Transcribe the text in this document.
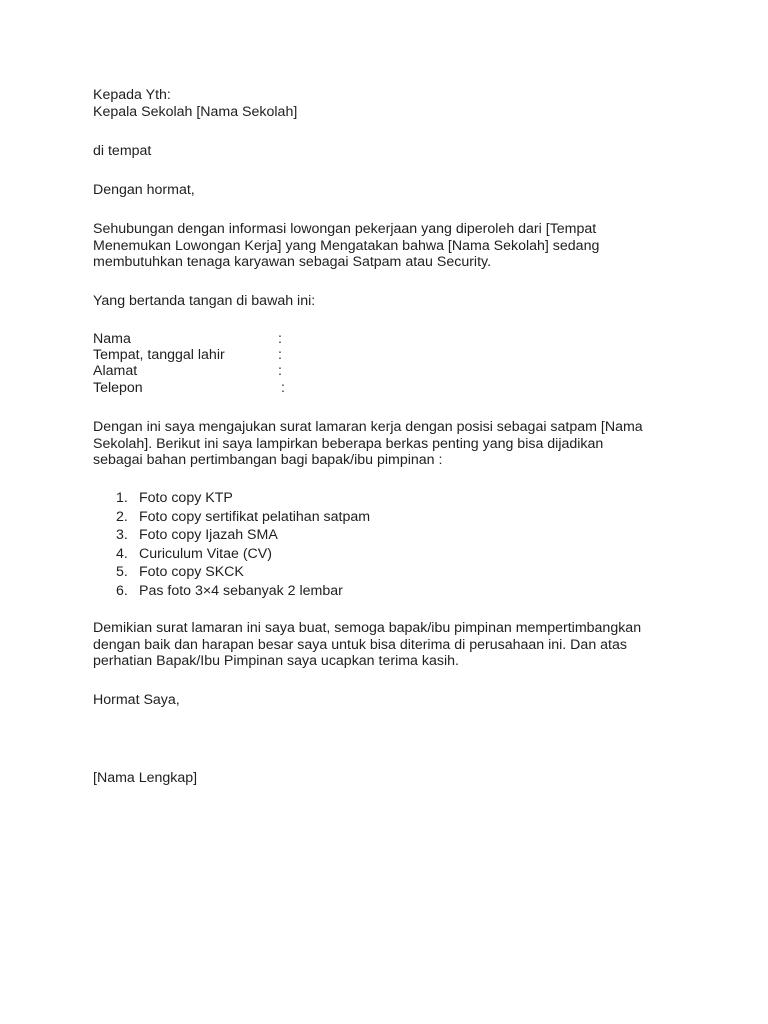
Kepada Yth:
Kepala Sekolah [Nama Sekolah]
di tempat
Dengan hormat,
Sehubungan dengan informasi lowongan pekerjaan yang diperoleh dari [Tempat
Menemukan Lowongan Kerja] yang Mengatakan bahwa [Nama Sekolah] sedang
membutuhkan tenaga karyawan sebagai Satpam atau Security.
Yang bertanda tangan di bawah ini:
Nama	:
Tempat, tanggal lahir	:
Alamat	:
Telepon	:
Dengan ini saya mengajukan surat lamaran kerja dengan posisi sebagai satpam [Nama
Sekolah]. Berikut ini saya lampirkan beberapa berkas penting yang bisa dijadikan
sebagai bahan pertimbangan bagi bapak/ibu pimpinan :
1. Foto copy KTP
2. Foto copy sertifikat pelatihan satpam
3. Foto copy Ijazah SMA
4. Curiculum Vitae (CV)
5. Foto copy SKCK
6. Pas foto 3×4 sebanyak 2 lembar
Demikian surat lamaran ini saya buat, semoga bapak/ibu pimpinan mempertimbangkan
dengan baik dan harapan besar saya untuk bisa diterima di perusahaan ini. Dan atas
perhatian Bapak/Ibu Pimpinan saya ucapkan terima kasih.
Hormat Saya,
[Nama Lengkap]
